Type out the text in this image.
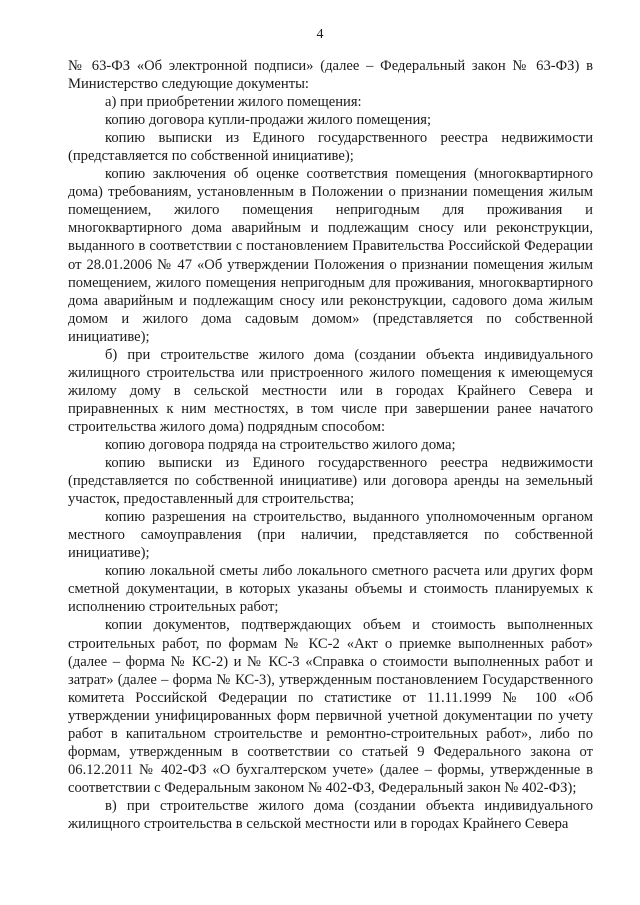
4

№ 63-ФЗ «Об электронной подписи» (далее – Федеральный закон № 63-ФЗ) в Министерство следующие документы:

а) при приобретении жилого помещения:

копию договора купли-продажи жилого помещения;

копию выписки из Единого государственного реестра недвижимости (представляется по собственной инициативе);

копию заключения об оценке соответствия помещения (многоквартирного дома) требованиям, установленным в Положении о признании помещения жилым помещением, жилого помещения непригодным для проживания и многоквартирного дома аварийным и подлежащим сносу или реконструкции, выданного в соответствии с постановлением Правительства Российской Федерации от 28.01.2006 № 47 «Об утверждении Положения о признании помещения жилым помещением, жилого помещения непригодным для проживания, многоквартирного дома аварийным и подлежащим сносу или реконструкции, садового дома жилым домом и жилого дома садовым домом» (представляется по собственной инициативе);

б) при строительстве жилого дома (создании объекта индивидуального жилищного строительства или пристроенного жилого помещения к имеющемуся жилому дому в сельской местности или в городах Крайнего Севера и приравненных к ним местностях, в том числе при завершении ранее начатого строительства жилого дома) подрядным способом:

копию договора подряда на строительство жилого дома;

копию выписки из Единого государственного реестра недвижимости (представляется по собственной инициативе) или договора аренды на земельный участок, предоставленный для строительства;

копию разрешения на строительство, выданного уполномоченным органом местного самоуправления (при наличии, представляется по собственной инициативе);

копию локальной сметы либо локального сметного расчета или других форм сметной документации, в которых указаны объемы и стоимость планируемых к исполнению строительных работ;

копии документов, подтверждающих объем и стоимость выполненных строительных работ, по формам № КС-2 «Акт о приемке выполненных работ» (далее – форма № КС-2) и № КС-3 «Справка о стоимости выполненных работ и затрат» (далее – форма № КС-3), утвержденным постановлением Государственного комитета Российской Федерации по статистике от 11.11.1999 № 100 «Об утверждении унифицированных форм первичной учетной документации по учету работ в капитальном строительстве и ремонтно-строительных работ», либо по формам, утвержденным в соответствии со статьей 9 Федерального закона от 06.12.2011 № 402-ФЗ «О бухгалтерском учете» (далее – формы, утвержденные в соответствии с Федеральным законом № 402-ФЗ, Федеральный закон № 402-ФЗ);

в) при строительстве жилого дома (создании объекта индивидуального жилищного строительства в сельской местности или в городах Крайнего Севера
